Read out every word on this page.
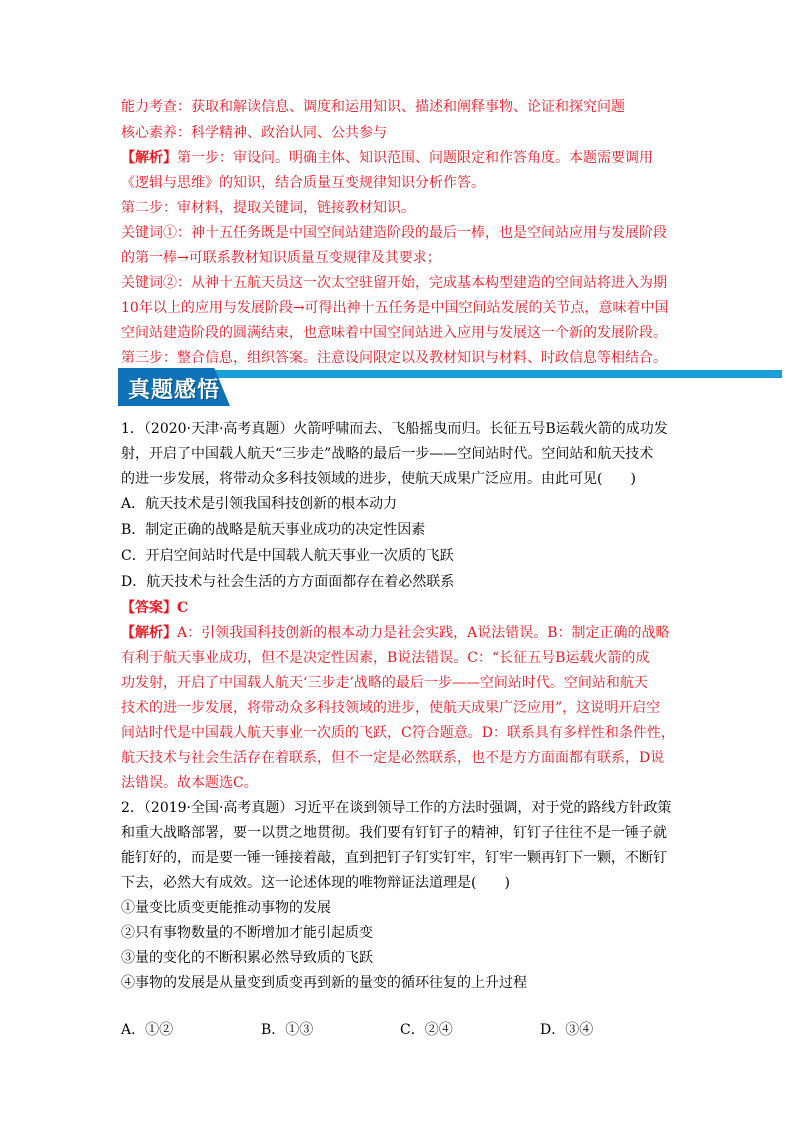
能力考查：获取和解读信息、调度和运用知识、描述和阐释事物、论证和探究问题
核心素养：科学精神、政治认同、公共参与
【解析】第一步：审设问。明确主体、知识范围、问题限定和作答角度。本题需要调用
《逻辑与思维》的知识，结合质量互变规律知识分析作答。
第二步：审材料，提取关键词，链接教材知识。
关键词①：神十五任务既是中国空间站建造阶段的最后一棒，也是空间站应用与发展阶段
的第一棒→可联系教材知识质量互变规律及其要求；
关键词②：从神十五航天员这一次太空驻留开始，完成基本构型建造的空间站将进入为期
10年以上的应用与发展阶段→可得出神十五任务是中国空间站发展的关节点，意味着中国
空间站建造阶段的圆满结束，也意味着中国空间站进入应用与发展这一个新的发展阶段。
第三步：整合信息，组织答案。注意设问限定以及教材知识与材料、时政信息等相结合。
真题感悟
1．（2020·天津·高考真题）火箭呼啸而去、飞船摇曳而归。长征五号B运载火箭的成功发
射，开启了中国载人航天“三步走”战略的最后一步——空间站时代。空间站和航天技术
的进一步发展，将带动众多科技领域的进步，使航天成果广泛应用。由此可见(　　)
A．航天技术是引领我国科技创新的根本动力
B．制定正确的战略是航天事业成功的决定性因素
C．开启空间站时代是中国载人航天事业一次质的飞跃
D．航天技术与社会生活的方方面面都存在着必然联系
【答案】C
【解析】A：引领我国科技创新的根本动力是社会实践，A说法错误。B：制定正确的战略
有利于航天事业成功，但不是决定性因素，B说法错误。C：“长征五号B运载火箭的成
功发射，开启了中国载人航天‘三步走’战略的最后一步——空间站时代。空间站和航天
技术的进一步发展，将带动众多科技领域的进步，使航天成果广泛应用”，这说明开启空
间站时代是中国载人航天事业一次质的飞跃，C符合题意。D：联系具有多样性和条件性，
航天技术与社会生活存在着联系，但不一定是必然联系，也不是方方面面都有联系，D说
法错误。故本题选C。
2．（2019·全国·高考真题）习近平在谈到领导工作的方法时强调，对于党的路线方针政策
和重大战略部署，要一以贯之地贯彻。我们要有钉钉子的精神，钉钉子往往不是一锤子就
能钉好的，而是要一锤一锤接着敲，直到把钉子钉实钉牢，钉牢一颗再钉下一颗，不断钉
下去，必然大有成效。这一论述体现的唯物辩证法道理是(　　)
①量变比质变更能推动事物的发展
②只有事物数量的不断增加才能引起质变
③量的变化的不断积累必然导致质的飞跃
④事物的发展是从量变到质变再到新的量变的循环往复的上升过程
A．①②	B．①③	C．②④	D．③④
